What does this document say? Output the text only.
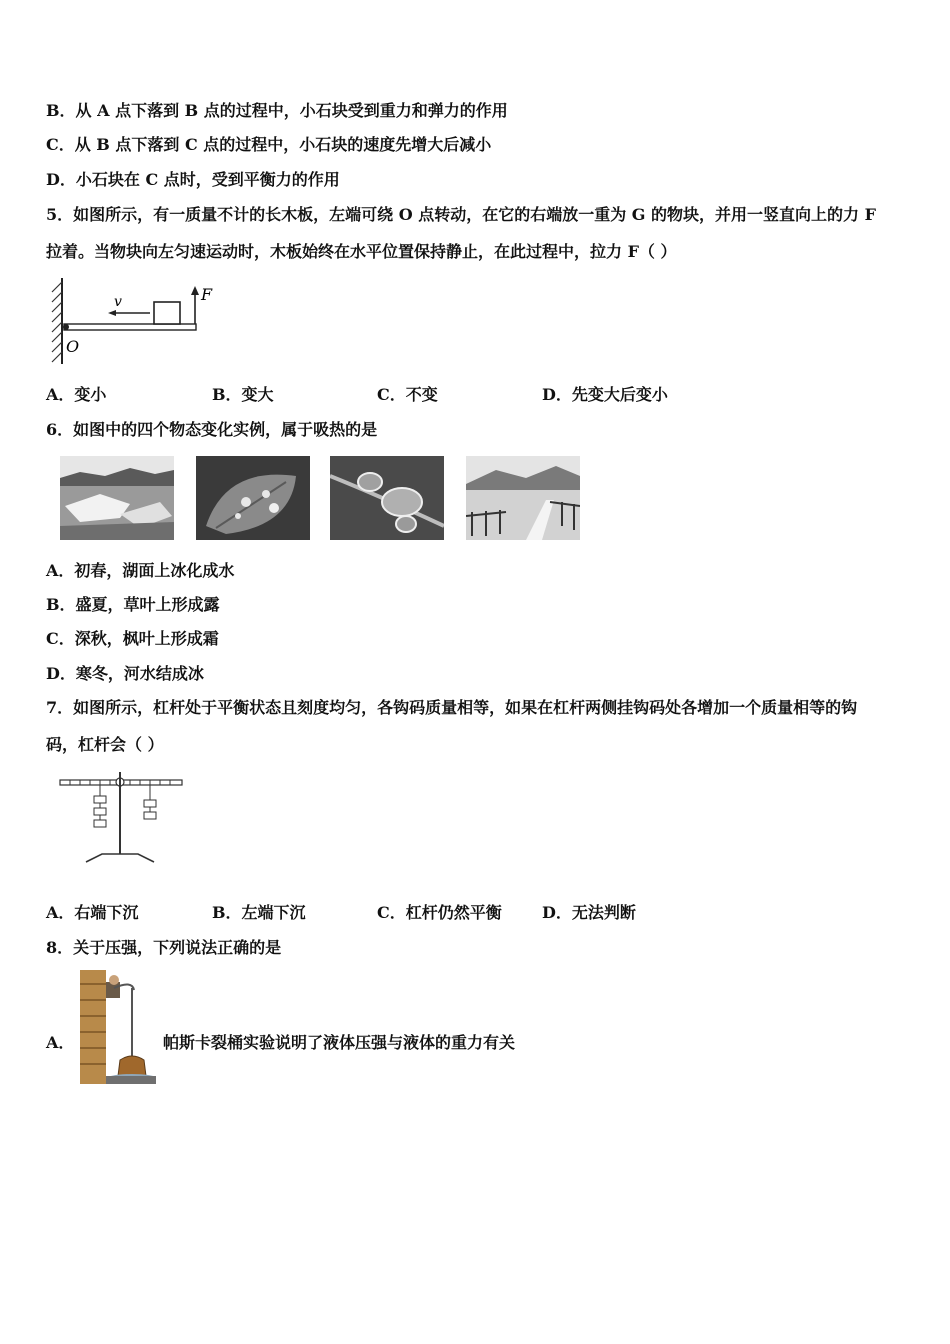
B．从 A 点下落到 B 点的过程中，小石块受到重力和弹力的作用
C．从 B 点下落到 C 点的过程中，小石块的速度先增大后减小
D．小石块在 C 点时，受到平衡力的作用
5．如图所示，有一质量不计的长木板，左端可绕 O 点转动，在它的右端放一重为 G 的物块，并用一竖直向上的力 F
拉着。当物块向左匀速运动时，木板始终在水平位置保持静止，在此过程中，拉力 F（ ）
v	F
O
A．变小	B．变大	C．不变	D．先变大后变小
6．如图中的四个物态变化实例，属于吸热的是
A．初春，湖面上冰化成水
B．盛夏，草叶上形成露
C．深秋，枫叶上形成霜
D．寒冬，河水结成冰
7．如图所示，杠杆处于平衡状态且刻度均匀，各钩码质量相等，如果在杠杆两侧挂钩码处各增加一个质量相等的钩
码，杠杆会（ ）
A．右端下沉	B．左端下沉	C．杠杆仍然平衡	D．无法判断
8．关于压强，下列说法正确的是
A．	帕斯卡裂桶实验说明了液体压强与液体的重力有关
